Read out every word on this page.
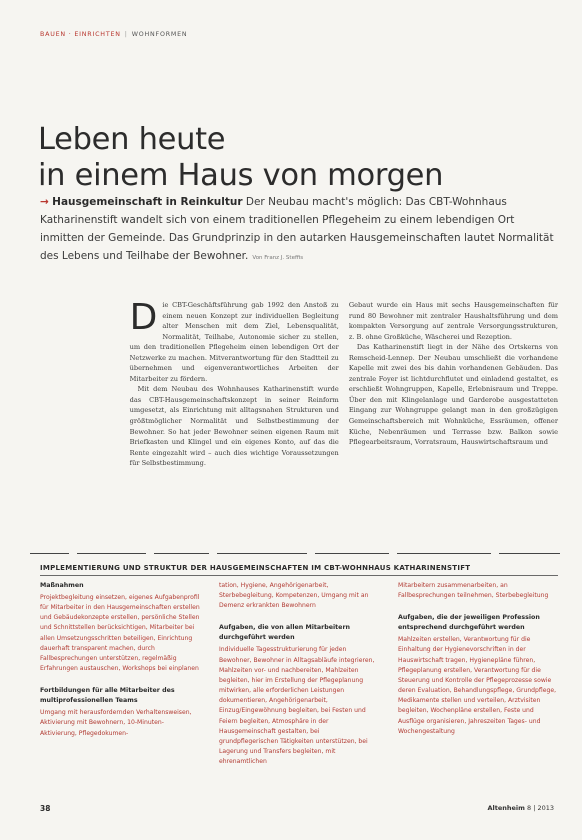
BAUEN · EINRICHTEN | WOHNFORMEN
Leben heute
in einem Haus von morgen
→ Hausgemeinschaft in Reinkultur Der Neubau macht's möglich: Das CBT-Wohnhaus Katharinenstift wandelt sich von einem traditionellen Pflegeheim zu einem lebendigen Ort inmitten der Gemeinde. Das Grundprinzip in den autarken Hausgemeinschaften lautet Normalität des Lebens und Teilhabe der Bewohner. Von Franz J. Steffis
D ie CBT-Geschäftsführung gab 1992 den Anstoß zu einem neuen Konzept zur individuellen Begleitung alter Menschen mit dem Ziel, Lebensqualität, Normalität, Teilhabe, Autonomie sicher zu stellen, um den traditionellen Pflegeheim einen lebendigen Ort der Netzwerke zu machen. Mitverantwortung für den Stadtteil zu übernehmen und eigenverantwortliches Arbeiten der Mitarbeiter zu fördern.

Mit dem Neubau des Wohnhauses Katharinenstift wurde das CBT-Hausgemeinschaftskonzept in seiner Reinform umgesetzt, als Einrichtung mit alltagsnahen Strukturen und größtmöglicher Normalität und Selbstbestimmung der Bewohner. So hat jeder Bewohner seinen eigenen Raum mit Briefkasten und Klingel und ein eigenes Konto, auf das die Rente eingezahlt wird – auch dies wichtige Voraussetzungen für Selbstbestimmung.

Gebaut wurde ein Haus mit sechs Hausgemeinschaften für rund 80 Bewohner mit zentraler Haushaltsführung und dem kompakten Versorgung auf zentrale Versorgungsstrukturen, z. B. ohne Großküche, Wäscherei und Rezeption.

Das Katharinenstift liegt in der Nähe des Ortskerns von Remscheid-Lennep. Der Neubau umschließt die vorhandene Kapelle mit zwei des bis dahin vorhandenen Gebäuden. Das zentrale Foyer ist lichtdurchflutet und einladend gestaltet, es erschließt Wohngruppen, Kapelle, Erlebnisraum und Treppe. Über den mit Klingelanlage und Garderobe ausgestatteten Eingang zur Wohngruppe gelangt man in den großzügigen Gemeinschaftsbereich mit Wohnküche, Essräumen, offener Küche, Nebenräumen und Terrasse bzw. Balkon sowie Pflegearbeitsraum, Vorratsraum, Hauswirtschaftsraum und

IMPLEMENTIERUNG UND STRUKTUR DER HAUSGEMEINSCHAFTEN IM CBT-WOHNHAUS KATHARINENSTIFT
Maßnahmen

Projektbegleitung einsetzen, eigenes Aufgabenprofil für Mitarbeiter in den Hausgemeinschaften erstellen und Gebäudekonzepte erstellen, persönliche Stellen und Schnittstellen berücksichtigen, Mitarbeiter bei allen Umsetzungsschritten beteiligen, Einrichtung dauerhaft transparent machen, durch Fallbesprechungen unterstützen, regelmäßig Erfahrungen austauschen, Workshops bei einplanen

Fortbildungen für alle Mitarbeiter des multiprofessionellen Teams

Umgang mit herausfordernden Verhaltensweisen, Aktivierung mit Bewohnern, 10-Minuten-Aktivierung, Pflegedokumen-

tation, Hygiene, Angehörigenarbeit, Sterbebegleitung, Kompetenzen, Umgang mit an Demenz erkrankten Bewohnern

Aufgaben, die von allen Mitarbeitern durchgeführt werden

Individuelle Tagesstrukturierung für jeden Bewohner, Bewohner in Alltagsabläufe integrieren, Mahlzeiten vor- und nachbereiten, Mahlzeiten begleiten, hier im Erstellung der Pflegeplanung mitwirken, alle erforderlichen Leistungen dokumentieren, Angehörigenarbeit, Einzug/Eingewöhnung begleiten, bei Festen und Feiern begleiten, Atmosphäre in der Hausgemeinschaft gestalten, bei grundpflegerischen Tätigkeiten unterstützen, bei Lagerung und Transfers begleiten, mit ehrenamtlichen

Mitarbeitern zusammenarbeiten, an Fallbesprechungen teilnehmen, Sterbebegleitung

Aufgaben, die der jeweiligen Profession entsprechend durchgeführt werden

Mahlzeiten erstellen, Verantwortung für die Einhaltung der Hygienevorschriften in der Hauswirtschaft tragen, Hygienepläne führen, Pflegeplanung erstellen, Verantwortung für die Steuerung und Kontrolle der Pflegeprozesse sowie deren Evaluation, Behandlungspflege, Grundpflege, Medikamente stellen und verteilen, Arztvisiten begleiten, Wochenpläne erstellen, Feste und Ausflüge organisieren, Jahreszeiten Tages- und Wochengestaltung

38	Altenheim 8 | 2013
